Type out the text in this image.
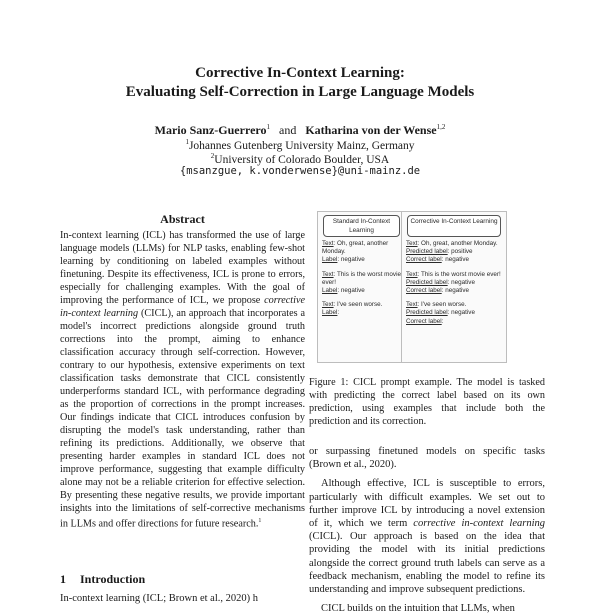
Corrective In-Context Learning:
Evaluating Self-Correction in Large Language Models
Mario Sanz-Guerrero$^1$ and Katharina von der Wense$^{1,2}$
$^1$Johannes Gutenberg University Mainz, Germany
$^2$University of Colorado Boulder, USA
{msanzgue, k.vonderwense}@uni-mainz.de
Abstract
In-context learning (ICL) has transformed the use of large language models (LLMs) for NLP tasks, enabling few-shot learning by conditioning on labeled examples without finetuning. Despite its effectiveness, ICL is prone to errors, especially for challenging examples. With the goal of improving the performance of ICL, we propose corrective in-context learning (CICL), an approach that incorporates a model's incorrect predictions alongside ground truth corrections into the prompt, aiming to enhance classification accuracy through self-correction. However, contrary to our hypothesis, extensive experiments on text classification tasks demonstrate that CICL consistently underperforms standard ICL, with performance degrading as the proportion of corrections in the prompt increases. Our findings indicate that CICL introduces confusion by disrupting the model's task understanding, rather than refining its predictions. Additionally, we observe that presenting harder examples in standard ICL does not improve performance, suggesting that example difficulty alone may not be a reliable criterion for effective selection. By presenting these negative results, we provide important insights into the limitations of self-corrective mechanisms in LLMs and offer directions for future research.$^1$
1 Introduction
In-context learning (ICL; Brown et al., 2020) h
Standard In-Context Learning
Text: Oh, great, another Monday.
Label: negative
Text: This is the worst movie ever!
Label: negative
Text: I've seen worse.
Label:
Corrective In-Context Learning
Text: Oh, great, another Monday.
Predicted label: positive
Correct label: negative
Text: This is the worst movie ever!
Predicted label: negative
Correct label: negative
Text: I've seen worse.
Predicted label: negative
Correct label:
Figure 1: CICL prompt example. The model is tasked with predicting the correct label based on its own prediction, using examples that include both the prediction and its correction.

or surpassing finetuned models on specific tasks (Brown et al., 2020).

Although effective, ICL is susceptible to errors, particularly with difficult examples. We set out to further improve ICL by introducing a novel extension of it, which we term corrective in-context learning (CICL). Our approach is based on the idea that providing the model with its initial predictions alongside the correct ground truth labels can serve as a feedback mechanism, enabling the model to refine its understanding and improve subsequent predictions.

CICL builds on the intuition that LLMs, when
